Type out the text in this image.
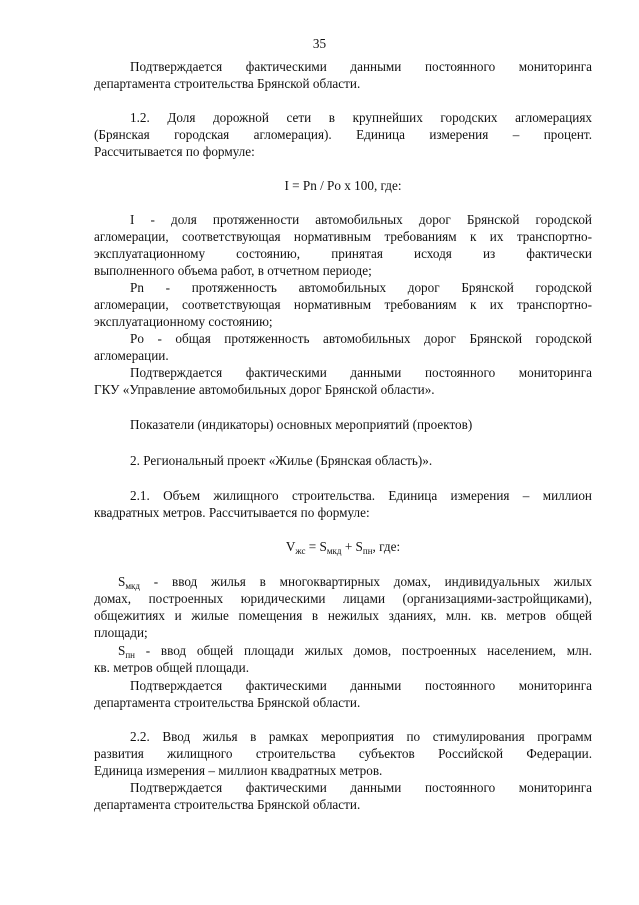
35
Подтверждается фактическими данными постоянного мониторинга
департамента строительства Брянской области.
1.2. Доля дорожной сети в крупнейших городских агломерациях
(Брянская городская агломерация). Единица измерения – процент.
Рассчитывается по формуле:
I = Pn / Po x 100, где:
I - доля протяженности автомобильных дорог Брянской городской
агломерации, соответствующая нормативным требованиям к их транспортно-
эксплуатационному состоянию, принятая исходя из фактически
выполненного объема работ, в отчетном периоде;
Pn - протяженность автомобильных дорог Брянской городской
агломерации, соответствующая нормативным требованиям к их транспортно-
эксплуатационному состоянию;
Po - общая протяженность автомобильных дорог Брянской городской
агломерации.
Подтверждается фактическими данными постоянного мониторинга
ГКУ «Управление автомобильных дорог Брянской области».
Показатели (индикаторы) основных мероприятий (проектов)
2. Региональный проект «Жилье (Брянская область)».
2.1. Объем жилищного строительства. Единица измерения – миллион
квадратных метров. Рассчитывается по формуле:
$V_{жс} = S_{мкд} + S_{пн}$, где:
$S_{мкд}$ - ввод жилья в многоквартирных домах, индивидуальных жилых
домах, построенных юридическими лицами (организациями-застройщиками),
общежитиях и жилые помещения в нежилых зданиях, млн. кв. метров общей
площади;
$S_{пн}$ - ввод общей площади жилых домов, построенных населением, млн.
кв. метров общей площади.
Подтверждается фактическими данными постоянного мониторинга
департамента строительства Брянской области.
2.2. Ввод жилья в рамках мероприятия по стимулирования программ
развития жилищного строительства субъектов Российской Федерации.
Единица измерения – миллион квадратных метров.
Подтверждается фактическими данными постоянного мониторинга
департамента строительства Брянской области.
